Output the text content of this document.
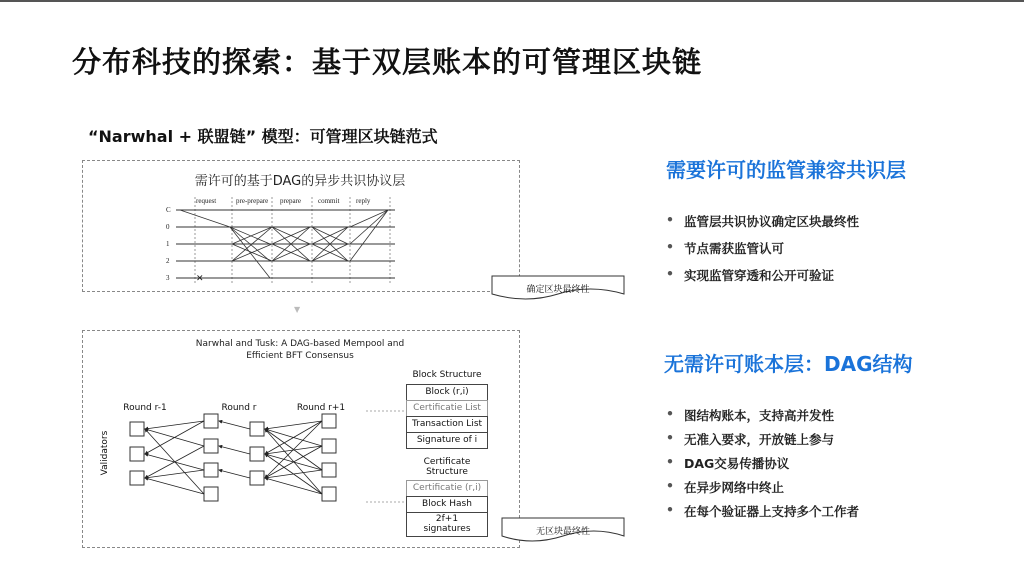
分布科技的探索：基于双层账本的可管理区块链
“Narwhal + 联盟链” 模型：可管理区块链范式
需许可的基于DAG的异步共识协议层
request	pre-prepare prepare commit reply
C
0
1
2
3	✕
确定区块最终性
▼
Narwhal and Tusk: A DAG-based Mempool and
Efficient BFT Consensus
Round r-1	Round r	Round r+1
Validators
Block Structure
Block (r,i)
Certificatie List
Transaction List
Signature of i
Certificate
Structure
Certificatie (r,i)
Block Hash
2f+1
signatures	无区块最终性
需要许可的监管兼容共识层
• 监管层共识协议确定区块最终性
• 节点需获监管认可
• 实现监管穿透和公开可验证
无需许可账本层：DAG结构
• 图结构账本，支持高并发性
• 无准入要求，开放链上参与
• DAG交易传播协议
• 在异步网络中终止
• 在每个验证器上支持多个工作者
